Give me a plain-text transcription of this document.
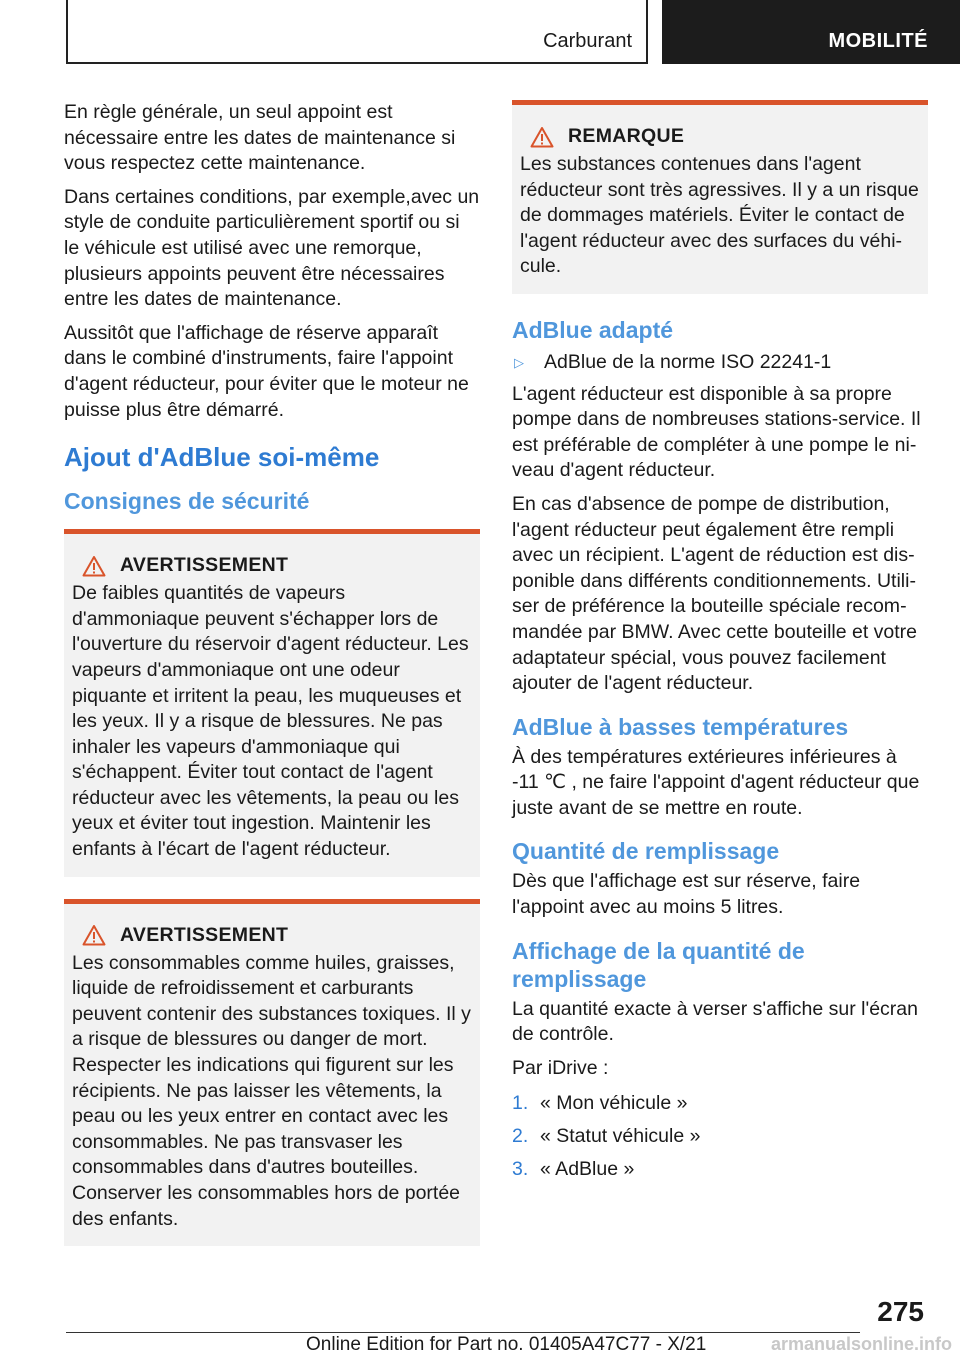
Carburant	MOBILITÉ

En règle générale, un seul appoint est nécessaire entre les dates de maintenance si vous respectez cette maintenance.

Dans certaines conditions, par exemple,avec un style de conduite particulièrement sportif ou si le véhicule est utilisé avec une remorque, plusieurs appoints peuvent être nécessaires entre les dates de maintenance.

Aussitôt que l'affichage de réserve apparaît dans le combiné d'instruments, faire l'appoint d'agent réducteur, pour éviter que le moteur ne puisse plus être démarré.

Ajout d'AdBlue soi-même
Consignes de sécurité
AVERTISSEMENT

De faibles quantités de vapeurs d'ammoniaque peuvent s'échapper lors de l'ouverture du réservoir d'agent réducteur. Les vapeurs d'ammoniaque ont une odeur piquante et irritent la peau, les muqueuses et les yeux. Il y a risque de blessures. Ne pas inhaler les vapeurs d'ammoniaque qui s'échappent. Éviter tout contact de l'agent réducteur avec les vêtements, la peau ou les yeux et éviter tout ingestion. Maintenir les enfants à l'écart de l'agent réducteur.

AVERTISSEMENT

Les consommables comme huiles, graisses, liquide de refroidissement et carburants peuvent contenir des substances toxiques. Il y a risque de blessures ou danger de mort. Respecter les indications qui figurent sur les récipients. Ne pas laisser les vêtements, la peau ou les yeux entrer en contact avec les consommables. Ne pas transvaser les consommables dans d'autres bouteilles. Conserver les consommables hors de portée des enfants.

REMARQUE

Les substances contenues dans l'agent réducteur sont très agressives. Il y a un risque de dommages matériels. Éviter le contact de l'agent réducteur avec des surfaces du véhicule.

AdBlue adapté
▷	AdBlue de la norme ISO 22241-1

L'agent réducteur est disponible à sa propre pompe dans de nombreuses stations-service. Il est préférable de compléter à une pompe le niveau d'agent réducteur.

En cas d'absence de pompe de distribution, l'agent réducteur peut également être rempli avec un récipient. L'agent de réduction est disponible dans différents conditionnements. Utiliser de préférence la bouteille spéciale recommandée par BMW. Avec cette bouteille et votre adaptateur spécial, vous pouvez facilement ajouter de l'agent réducteur.

AdBlue à basses températures

À des températures extérieures inférieures à -11 ℃ , ne faire l'appoint d'agent réducteur que juste avant de se mettre en route.

Quantité de remplissage

Dès que l'affichage est sur réserve, faire l'appoint avec au moins 5 litres.

Affichage de la quantité de remplissage

La quantité exacte à verser s'affiche sur l'écran de contrôle.

Par iDrive :

1. « Mon véhicule »
2. « Statut véhicule »
3. « AdBlue »
275
Online Edition for Part no. 01405A47C77 - X/21	armanualsonline.info
